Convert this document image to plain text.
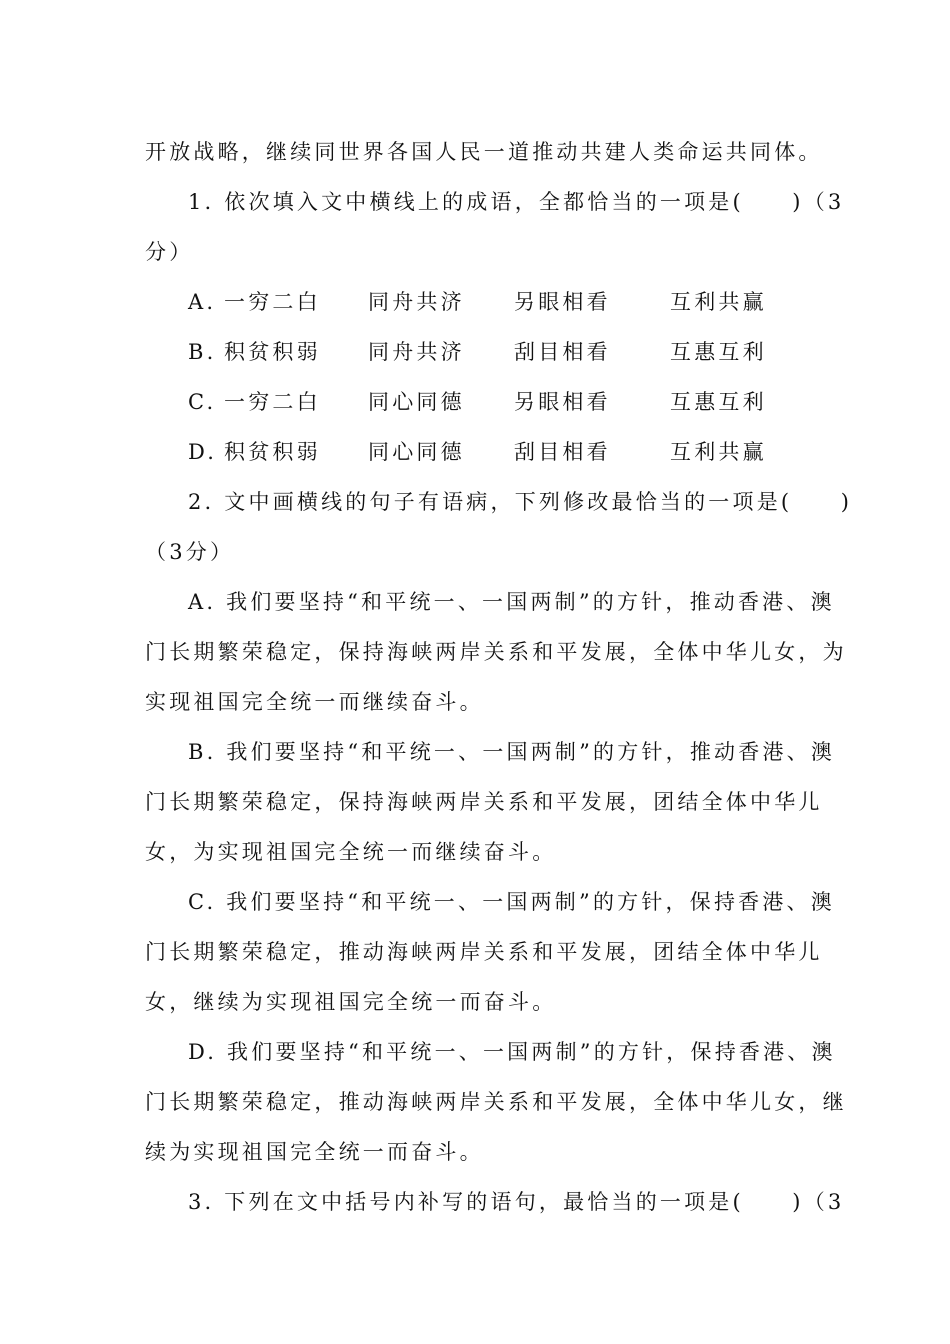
开放战略，继续同世界各国人民一道推动共建人类命运共同体。
1. 依次填入文中横线上的成语，全都恰当的一项是(　　)（3
分）
A. 一穷二白 同舟共济 另眼相看	互利共赢
B. 积贫积弱 同舟共济 刮目相看	互惠互利
C. 一穷二白 同心同德 另眼相看	互惠互利
D. 积贫积弱 同心同德 刮目相看	互利共赢
2. 文中画横线的句子有语病，下列修改最恰当的一项是(　　)
（3分）
A. 我们要坚持“和平统一、一国两制”的方针，推动香港、澳
门长期繁荣稳定，保持海峡两岸关系和平发展，全体中华儿女，为
实现祖国完全统一而继续奋斗。
B. 我们要坚持“和平统一、一国两制”的方针，推动香港、澳
门长期繁荣稳定，保持海峡两岸关系和平发展，团结全体中华儿
女，为实现祖国完全统一而继续奋斗。
C. 我们要坚持“和平统一、一国两制”的方针，保持香港、澳
门长期繁荣稳定，推动海峡两岸关系和平发展，团结全体中华儿
女，继续为实现祖国完全统一而奋斗。
D. 我们要坚持“和平统一、一国两制”的方针，保持香港、澳
门长期繁荣稳定，推动海峡两岸关系和平发展，全体中华儿女，继
续为实现祖国完全统一而奋斗。
3. 下列在文中括号内补写的语句，最恰当的一项是(　　)（3
